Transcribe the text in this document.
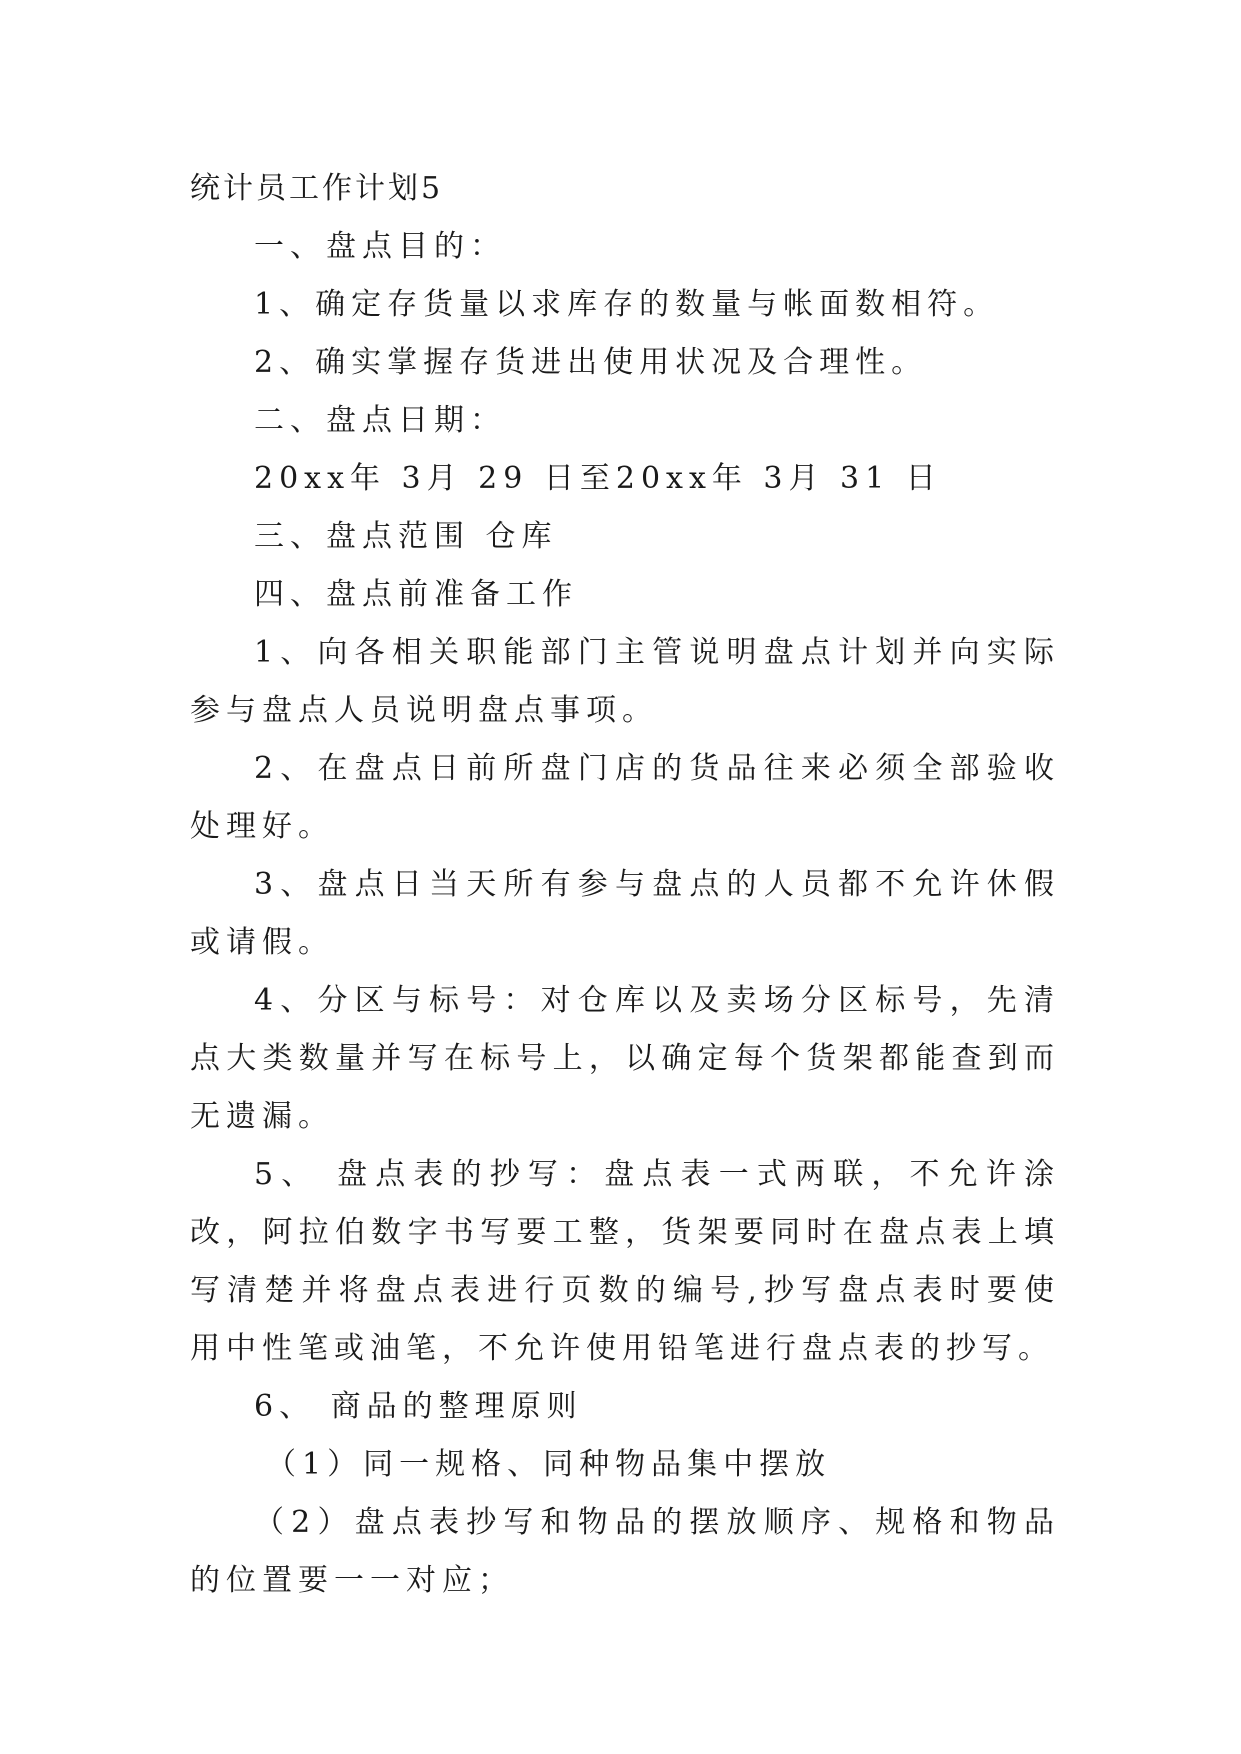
统计员工作计划5
一、盘点目的：
1、确定存货量以求库存的数量与帐面数相符。
2、确实掌握存货进出使用状况及合理性。
二、盘点日期：
20xx年 3月 29 日至20xx年 3月 31 日
三、盘点范围 仓库
四、盘点前准备工作
1、向各相关职能部门主管说明盘点计划并向实际参与盘点人员说明盘点事项。
2、在盘点日前所盘门店的货品往来必须全部验收处理好。
3、盘点日当天所有参与盘点的人员都不允许休假或请假。
4、分区与标号：对仓库以及卖场分区标号，先清点大类数量并写在标号上，以确定每个货架都能查到而无遗漏。
5、 盘点表的抄写：盘点表一式两联，不允许涂改，阿拉伯数字书写要工整，货架要同时在盘点表上填写清楚并将盘点表进行页数的编号,抄写盘点表时要使用中性笔或油笔，不允许使用铅笔进行盘点表的抄写。
6、 商品的整理原则
（1）同一规格、同种物品集中摆放
（2）盘点表抄写和物品的摆放顺序、规格和物品的位置要一一对应；
